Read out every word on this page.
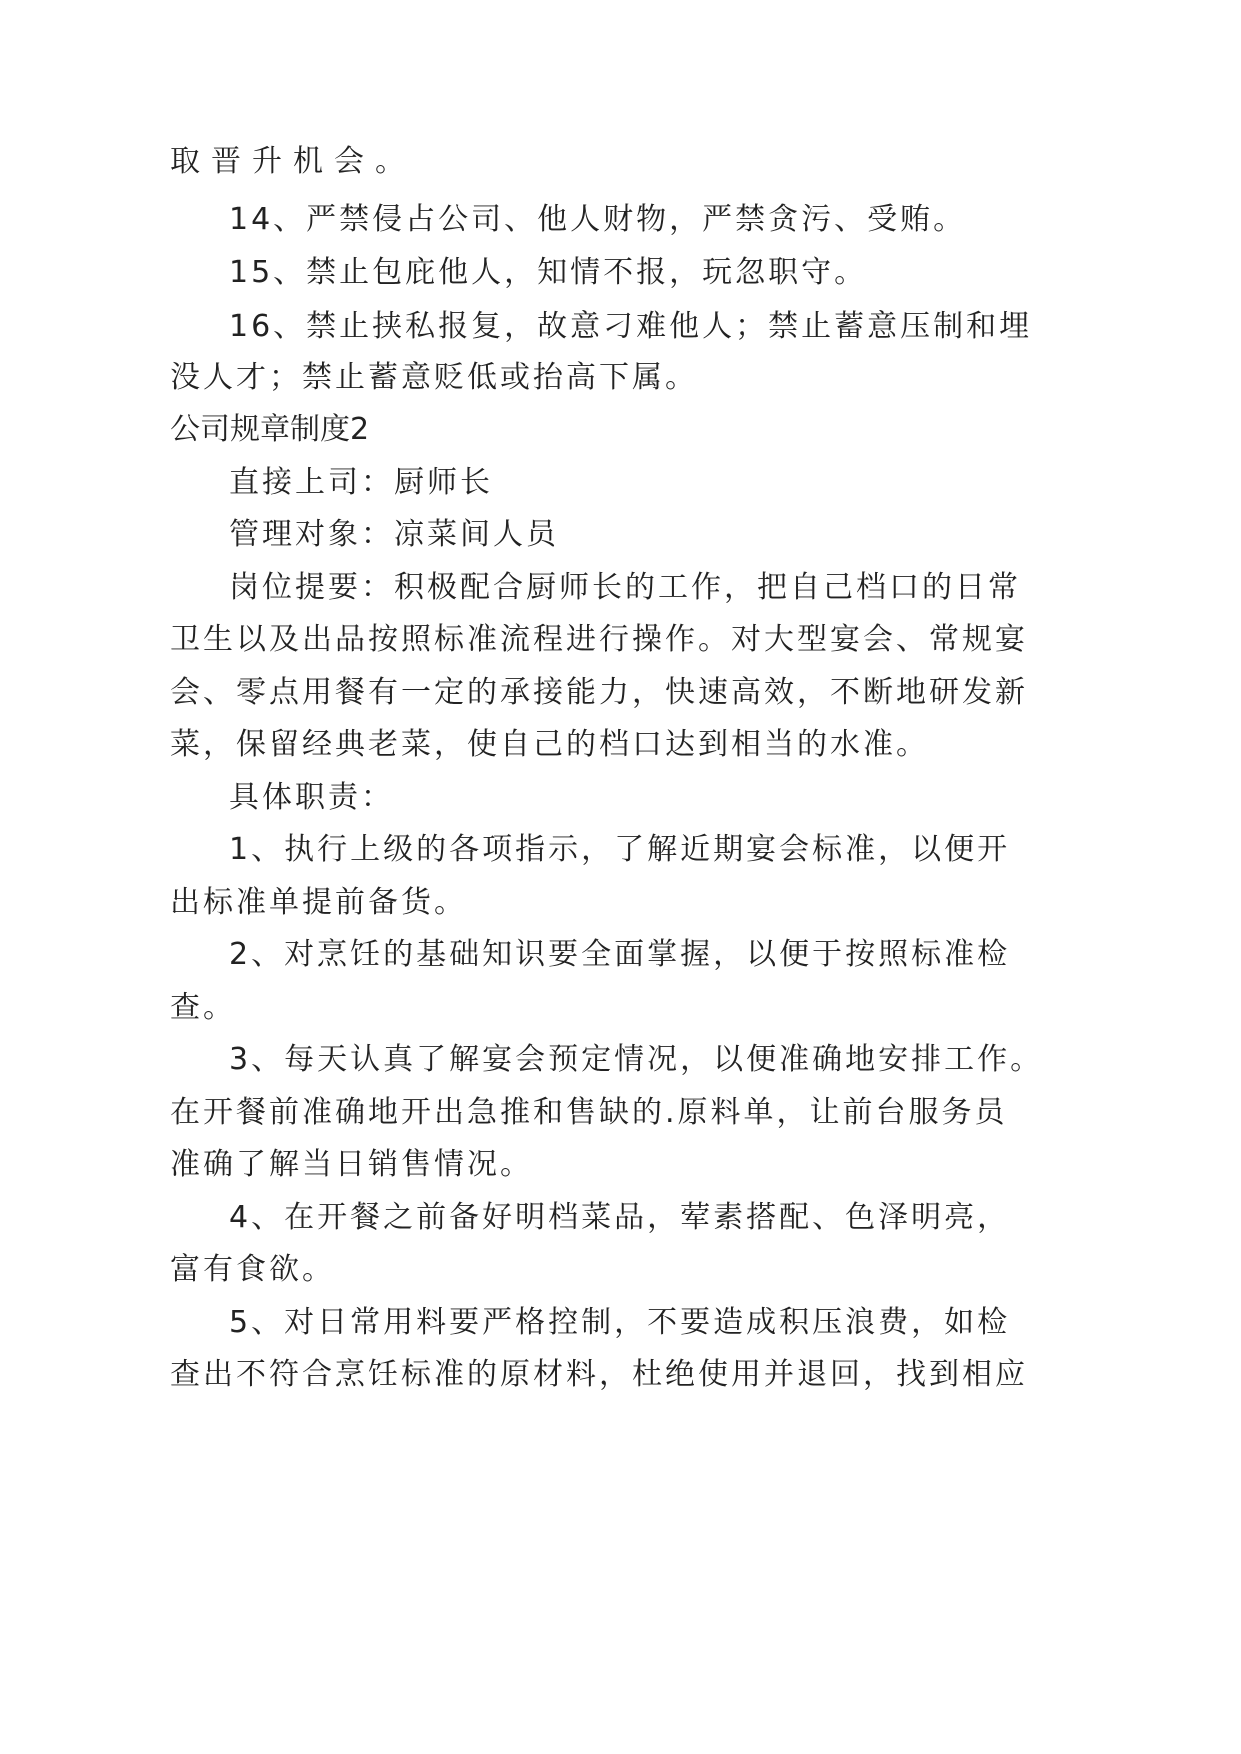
取晋升机会。

14、严禁侵占公司、他人财物，严禁贪污、受贿。

15、禁止包庇他人，知情不报，玩忽职守。

16、禁止挟私报复，故意刁难他人；禁止蓄意压制和埋

没人才；禁止蓄意贬低或抬高下属。

公司规章制度2

直接上司：厨师长

管理对象：凉菜间人员

岗位提要：积极配合厨师长的工作，把自己档口的日常

卫生以及出品按照标准流程进行操作。对大型宴会、常规宴

会、零点用餐有一定的承接能力，快速高效，不断地研发新

菜，保留经典老菜，使自己的档口达到相当的水准。

具体职责：

1、执行上级的各项指示，了解近期宴会标准，以便开

出标准单提前备货。

2、对烹饪的基础知识要全面掌握，以便于按照标准检

查。

3、每天认真了解宴会预定情况，以便准确地安排工作。

在开餐前准确地开出急推和售缺的.原料单，让前台服务员

准确了解当日销售情况。

4、在开餐之前备好明档菜品，荤素搭配、色泽明亮，

富有食欲。

5、对日常用料要严格控制，不要造成积压浪费，如检

查出不符合烹饪标准的原材料，杜绝使用并退回，找到相应
